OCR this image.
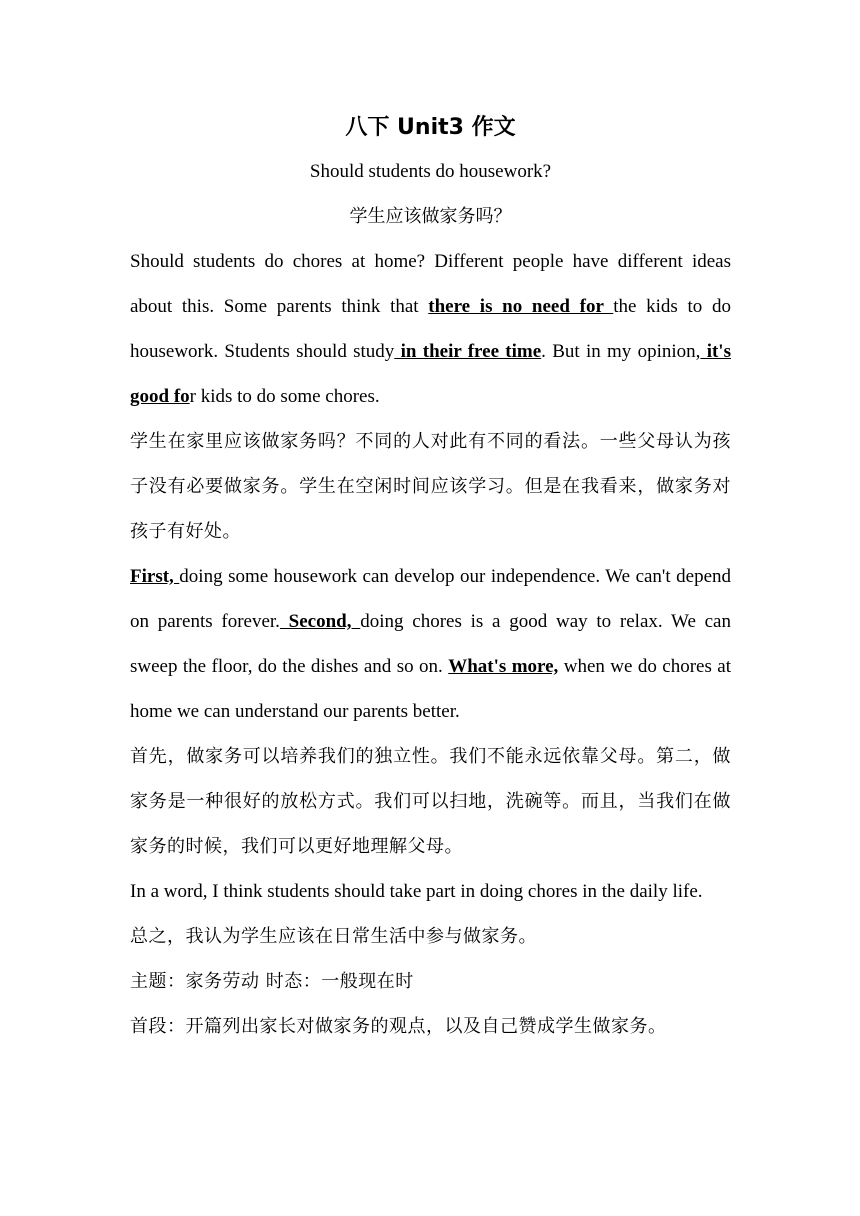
八下 Unit3 作文
Should students do housework?
学生应该做家务吗？

Should students do chores at home? Different people have different ideas about this. Some parents think that there is no need for the kids to do housework. Students should study in their free time. But in my opinion, it's good for kids to do some chores.

学生在家里应该做家务吗？不同的人对此有不同的看法。一些父母认为孩子没有必要做家务。学生在空闲时间应该学习。但是在我看来，做家务对孩子有好处。

First, doing some housework can develop our independence. We can't depend on parents forever. Second, doing chores is a good way to relax. We can sweep the floor, do the dishes and so on. What's more, when we do chores at home we can understand our parents better.

首先，做家务可以培养我们的独立性。我们不能永远依靠父母。第二，做家务是一种很好的放松方式。我们可以扫地，洗碗等。而且，当我们在做家务的时候，我们可以更好地理解父母。

In a word, I think students should take part in doing chores in the daily life.

总之，我认为学生应该在日常生活中参与做家务。

主题：家务劳动 时态：一般现在时

首段：开篇列出家长对做家务的观点，以及自己赞成学生做家务。
